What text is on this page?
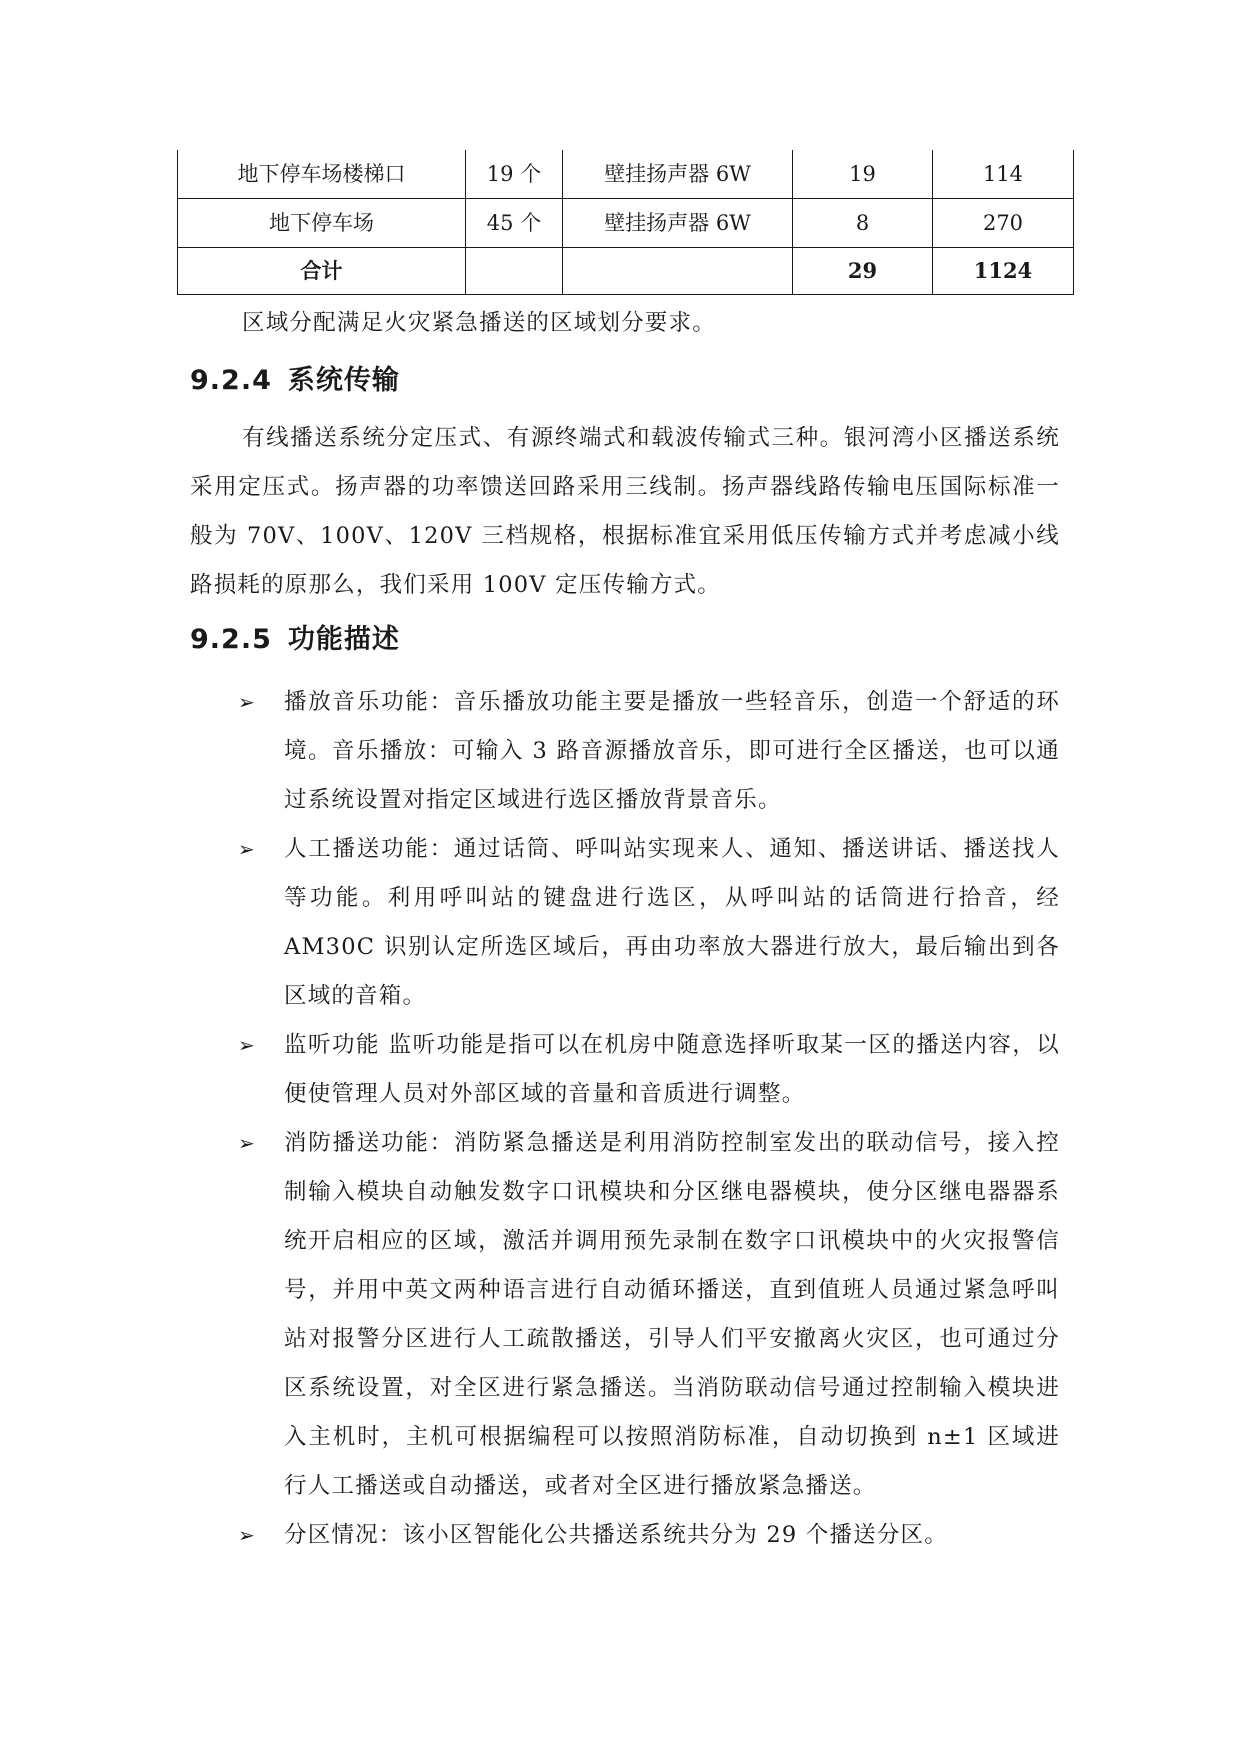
地下停车场楼梯口	19 个	壁挂扬声器 6W	19	114
地下停车场	45 个	壁挂扬声器 6W	8	270
合计			29	1124

区域分配满足火灾紧急播送的区域划分要求。

9.2.4 系统传输

有线播送系统分定压式、有源终端式和载波传输式三种。银河湾小区播送系统采用定压式。扬声器的功率馈送回路采用三线制。扬声器线路传输电压国际标准一般为 70V、100V、120V 三档规格，根据标准宜采用低压传输方式并考虑减小线路损耗的原那么，我们采用 100V 定压传输方式。

9.2.5 功能描述
➢ 播放音乐功能：音乐播放功能主要是播放一些轻音乐，创造一个舒适的环境。音乐播放：可输入 3 路音源播放音乐，即可进行全区播送，也可以通过系统设置对指定区域进行选区播放背景音乐。
➢ 人工播送功能：通过话筒、呼叫站实现来人、通知、播送讲话、播送找人等功能。利用呼叫站的键盘进行选区，从呼叫站的话筒进行拾音，经 AM30C 识别认定所选区域后，再由功率放大器进行放大，最后输出到各区域的音箱。
➢ 监听功能 监听功能是指可以在机房中随意选择听取某一区的播送内容，以便使管理人员对外部区域的音量和音质进行调整。
➢ 消防播送功能：消防紧急播送是利用消防控制室发出的联动信号，接入控制输入模块自动触发数字口讯模块和分区继电器模块，使分区继电器器系统开启相应的区域，激活并调用预先录制在数字口讯模块中的火灾报警信号，并用中英文两种语言进行自动循环播送，直到值班人员通过紧急呼叫站对报警分区进行人工疏散播送，引导人们平安撤离火灾区，也可通过分区系统设置，对全区进行紧急播送。当消防联动信号通过控制输入模块进入主机时，主机可根据编程可以按照消防标准，自动切换到 n±1 区域进行人工播送或自动播送，或者对全区进行播放紧急播送。
➢ 分区情况：该小区智能化公共播送系统共分为 29 个播送分区。
